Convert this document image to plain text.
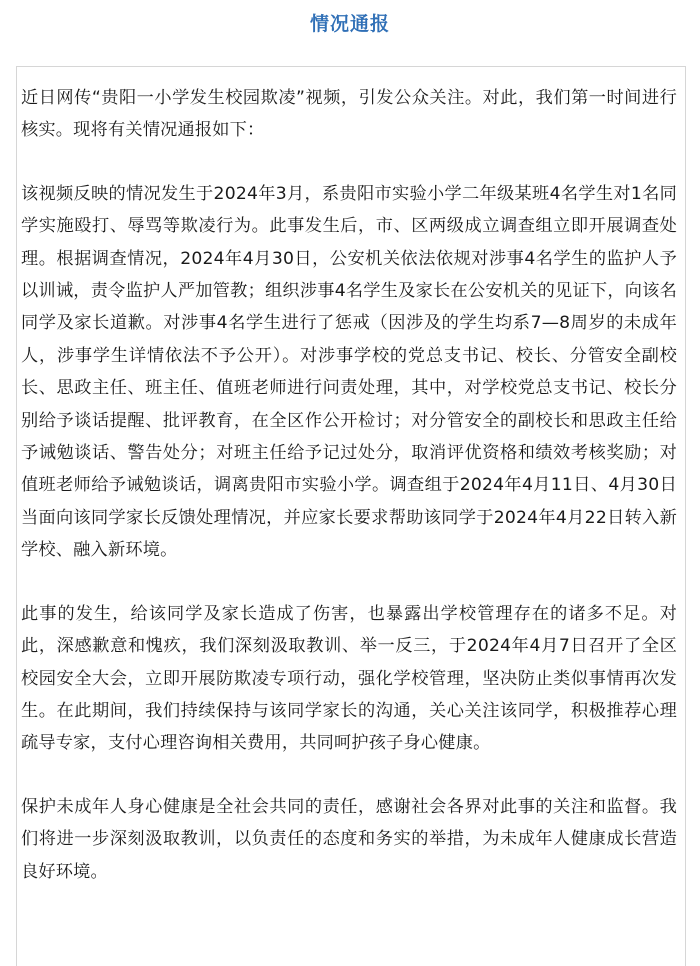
情况通报

近日网传“贵阳一小学发生校园欺凌”视频，引发公众关注。对此，我们第一时间进行核实。现将有关情况通报如下：

该视频反映的情况发生于2024年3月，系贵阳市实验小学二年级某班4名学生对1名同学实施殴打、辱骂等欺凌行为。此事发生后，市、区两级成立调查组立即开展调查处理。根据调查情况，2024年4月30日，公安机关依法依规对涉事4名学生的监护人予以训诫，责令监护人严加管教；组织涉事4名学生及家长在公安机关的见证下，向该名同学及家长道歉。对涉事4名学生进行了惩戒（因涉及的学生均系7—8周岁的未成年人，涉事学生详情依法不予公开）。对涉事学校的党总支书记、校长、分管安全副校长、思政主任、班主任、值班老师进行问责处理，其中，对学校党总支书记、校长分别给予谈话提醒、批评教育，在全区作公开检讨；对分管安全的副校长和思政主任给予诫勉谈话、警告处分；对班主任给予记过处分，取消评优资格和绩效考核奖励；对值班老师给予诫勉谈话，调离贵阳市实验小学。调查组于2024年4月11日、4月30日当面向该同学家长反馈处理情况，并应家长要求帮助该同学于2024年4月22日转入新学校、融入新环境。

此事的发生，给该同学及家长造成了伤害，也暴露出学校管理存在的诸多不足。对此，深感歉意和愧疚，我们深刻汲取教训、举一反三，于2024年4月7日召开了全区校园安全大会，立即开展防欺凌专项行动，强化学校管理，坚决防止类似事情再次发生。在此期间，我们持续保持与该同学家长的沟通，关心关注该同学，积极推荐心理疏导专家，支付心理咨询相关费用，共同呵护孩子身心健康。

保护未成年人身心健康是全社会共同的责任，感谢社会各界对此事的关注和监督。我们将进一步深刻汲取教训，以负责任的态度和务实的举措，为未成年人健康成长营造良好环境。
